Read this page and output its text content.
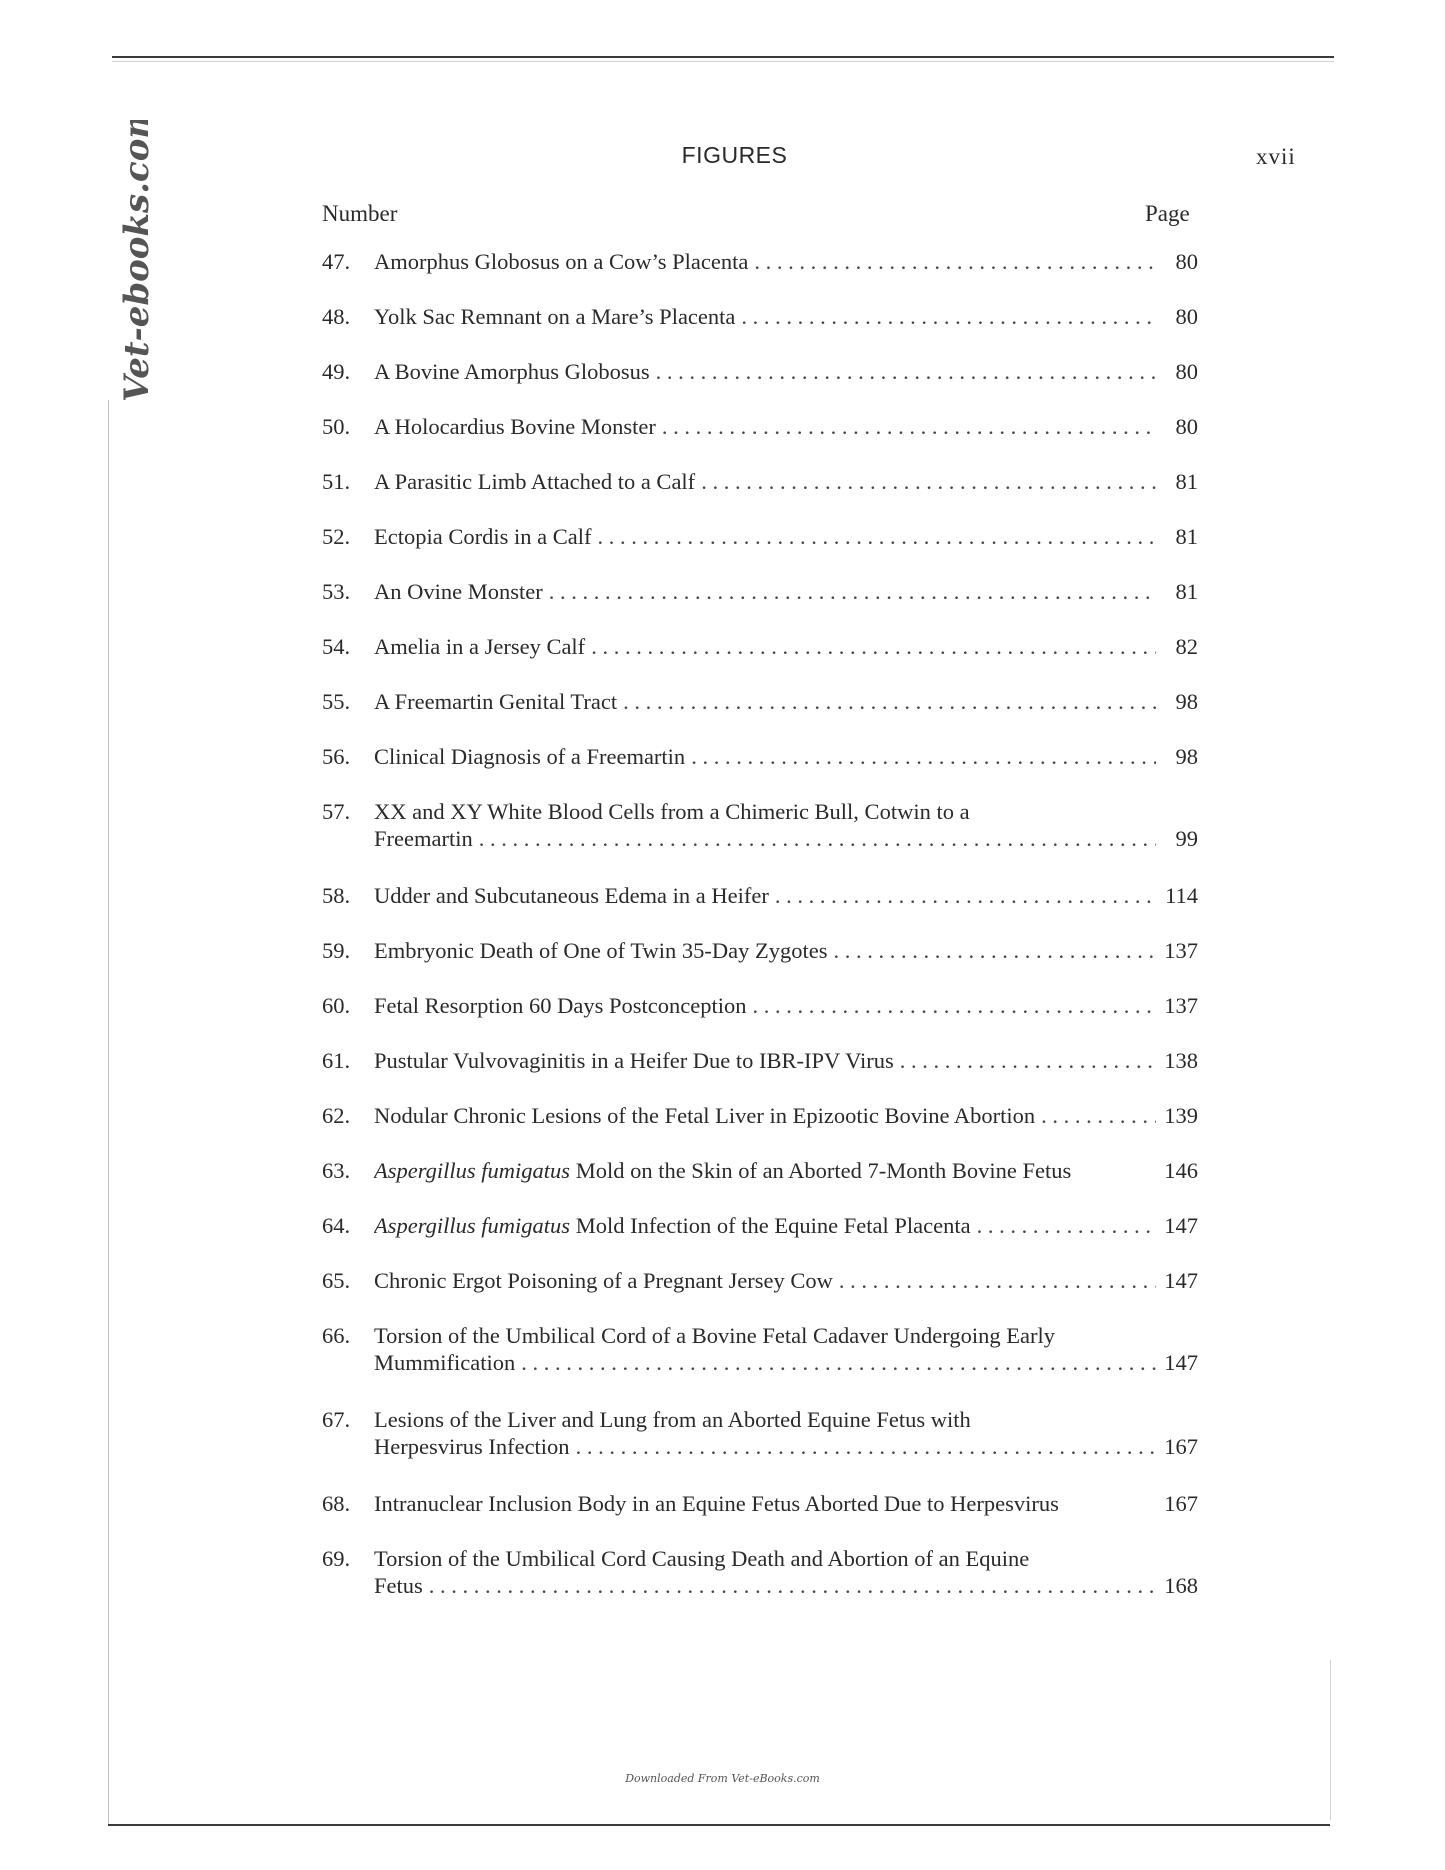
Vet-ebooks.com	FIGURES	xvii
Number	Page
47.	Amorphus Globosus on a Cow’s Placenta . . .	80
48.	Yolk Sac Remnant on a Mare’s Placenta . . .	80
49.	A Bovine Amorphus Globosus . . .	80
50.	A Holocardius Bovine Monster . . .	80
51.	A Parasitic Limb Attached to a Calf . . .	81
52.	Ectopia Cordis in a Calf . . .	81
53.	An Ovine Monster . . .	81
54.	Amelia in a Jersey Calf . . .	82
55.	A Freemartin Genital Tract . . .	98
56.	Clinical Diagnosis of a Freemartin . . .	98
57.	XX and XY White Blood Cells from a Chimeric Bull, Cotwin to a
Freemartin . . .	99
58.	Udder and Subcutaneous Edema in a Heifer . . .	114
59.	Embryonic Death of One of Twin 35-Day Zygotes . . .	137
60.	Fetal Resorption 60 Days Postconception . . .	137
61.	Pustular Vulvovaginitis in a Heifer Due to IBR-IPV Virus . . .	138
62.	Nodular Chronic Lesions of the Fetal Liver in Epizootic Bovine Abortion . . .	139
63.	Aspergillus fumigatus Mold on the Skin of an Aborted 7-Month Bovine Fetus	146
64.	Aspergillus fumigatus Mold Infection of the Equine Fetal Placenta . . .	147
65.	Chronic Ergot Poisoning of a Pregnant Jersey Cow . . .	147
66.	Torsion of the Umbilical Cord of a Bovine Fetal Cadaver Undergoing Early
Mummification . . .	147
67.	Lesions of the Liver and Lung from an Aborted Equine Fetus with
Herpesvirus Infection . . .	167
68.	Intranuclear Inclusion Body in an Equine Fetus Aborted Due to Herpesvirus	167
69.	Torsion of the Umbilical Cord Causing Death and Abortion of an Equine
Fetus . . .	168
Downloaded From Vet-eBooks.com
